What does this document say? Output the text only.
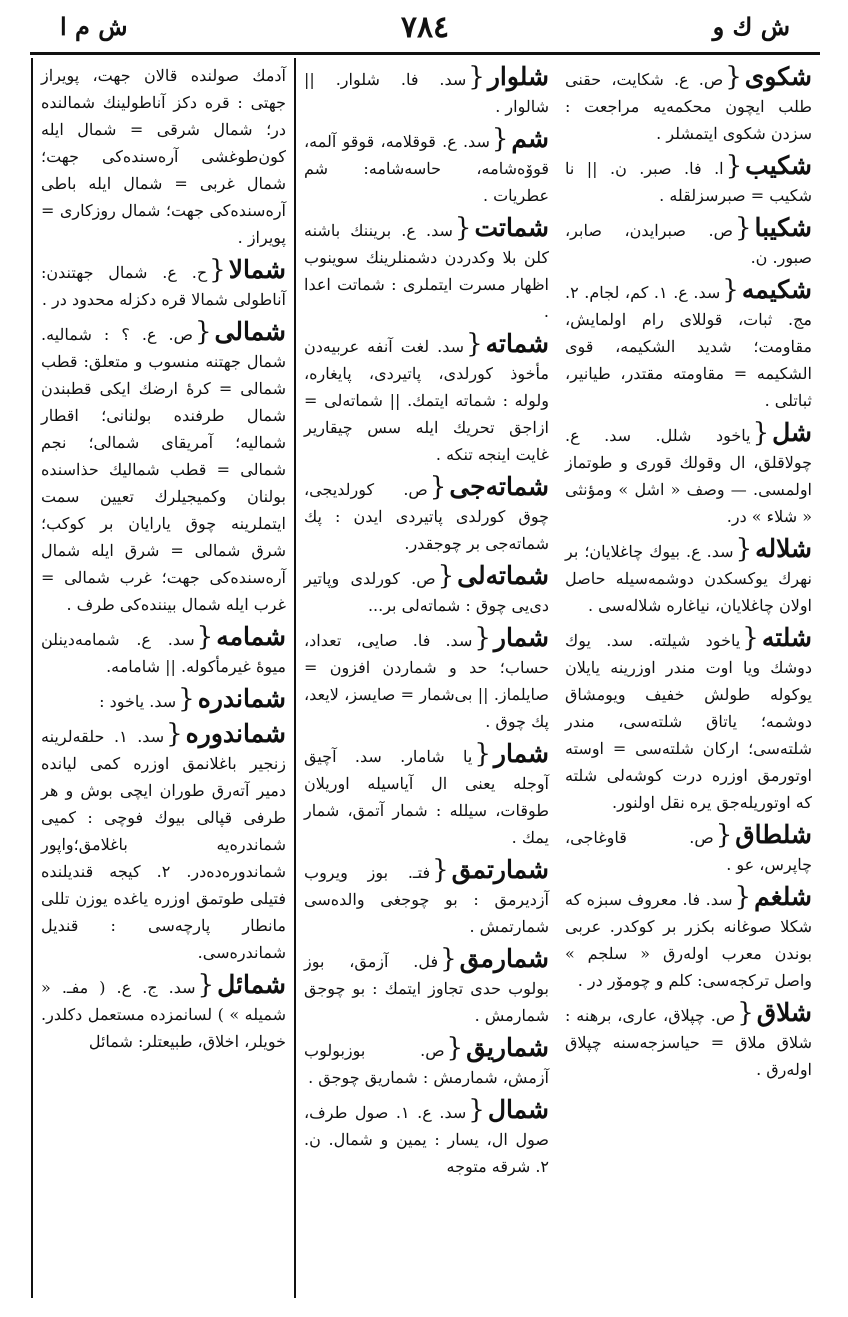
ش م ا	٧٨٤	ش ك و

شكوى{ص. ع. شكايت، حقنى طلب ايچون محكمه‌يه مراجعت : سزدن شكوى ايتمشلر .

شكيب{ا. فا. صبر. ن. || نا شكيب = صبرسزلقله .

شكيبا{ص. صبرايدن، صابر، صبور. ن.

شكيمه{سد. ع. ١. كم، لجام. ٢. مج. ثبات، قوللاى رام اولمايش، مقاومت؛ شديد الشكيمه، قوى الشكيمه = مقاومته مقتدر، طيانير، ثباتلى .

شل{ياخود شلل. سد. ع. چولاقلق، ال وقولك قورى و طوتماز اولمسى. — وصف « اشل » ومؤنثى « شلاء » در.

شلاله{سد. ع. بيوك چاغلايان؛ بر نهرك يوكسكدن دوشمه‌سيله حاصل اولان چاغلايان، نياغاره شلاله‌سى .

شلته{ياخود شيلته. سد. يوك دوشك ويا اوت مندر اوزرينه يايلان يوكوله طولش خفيف ويومشاق دوشمه؛ ياتاق شلته‌سى، مندر شلته‌سى؛ اركان شلته‌سى = اوسته اوتورمق اوزره درت كوشه‌لى شلته كه اوتوريله‌جق يره نقل اولنور.

شلطاق{ص. قاوغاجى، چاپرس، عو .

شلغم{سد. فا. معروف سبزه كه شكلا صوغانه بكزر بر كوكدر. عربى بوندن معرب اولەرق « سلجم » واصل تركجه‌سى: كلم و چومۆر در .

شلاق{ص. چپلاق، عارى، برهنه : شلاق ملاق = حياسزجه‌سنه چپلاق اولەرق .

شلوار{سد. فا. شلوار. || شالوار .

شم{سد. ع. قوقلامه، قوقو آلمه، قوۆەشامه، حاسه‌شامه: شم عطريات .

شماتت{سد. ع. بريننك باشنه كلن بلا وكدردن دشمنلرينك سوينوب اظهار مسرت ايتملرى : شماتت اعدا .

شماته{سد. لغت آنفه عربيه‌دن مأخوذ كورلدى، پاتيردى، پايغاره، ولوله : شماته ايتمك. || شماته‌لى = ازاجق تحريك ايله سس چيقارير غايت اينجه تنكه .

شماته‌جى{ص. كورلديجى، چوق كورلدى پاتيردى ايدن : پك شماته‌جى بر چوجقدر.

شماته‌لى{ص. كورلدى وپاتير دى‌يى چوق : شماته‌لى بر...

شمار{سد. فا. صايى، تعداد، حساب؛ حد و شماردن افزون = صايلماز. || بى‌شمار = صايسز، لايعد، پك چوق .

شمار{يا شامار. سد. آچيق آوجله يعنى ال آياسيله اوريلان طوقات، سيلله : شمار آتمق، شمار يمك .

شمارتمق{فتـ. بوز ويروب آزديرمق : بو چوجغى والده‌سى شمارتمش .

شمارمق{فل. آزمق، بوز بولوب حدى تجاوز ايتمك : بو چوجق شمارمش .

شماريق{ص. بوزبولوب آزمش، شمارمش : شماريق چوجق .

شمال{سد. ع. ١. صول طرف، صول ال، يسار : يمين و شمال. ن. ٢. شرقه متوجه

آدمك صولنده قالان جهت، پويراز جهتى : قره دكز آناطولينك شمالنده در؛ شمال شرقى = شمال ايله كون‌طوغشى آره‌سنده‌كى جهت؛ شمال غربى = شمال ايله باطى آره‌سنده‌كى جهت؛ شمال روزكارى = پويراز .

شمالا{ح. ع. شمال جهتندن: آناطولى شمالا قره دكزله محدود در .

شمالى{ص. ع. ؟ : شماليه. شمال جهتنه منسوب و متعلق: قطب شمالى = كرۀ ارضك ايكى قطبندن شمال طرفنده بولنانى؛ اقطار شماليه؛ آمريقاى شمالى؛ نجم شمالى = قطب شماليك حذاسنده بولنان وكميجيلرك تعيين سمت ايتملرينه چوق يارايان بر كوكب؛ شرق شمالى = شرق ايله شمال آره‌سنده‌كى جهت؛ غرب شمالى = غرب ايله شمال بيننده‌كى طرف .

شمامه{سد. ع. شمامه‌دينلن ميوۀ غيرمأكوله. || شامامه.

شماندره{سد. ياخود :

شماندوره{سد. ١. حلقه‌لرينه زنجير باغلانمق اوزره كمى ليانده دمير آتەرق طوران ايچى بوش و هر طرفى قپالى بيوك فوچى : كميى شماندره‌يه باغلامق؛واپور شماندوره‌ده‌در. ٢. كيجه قنديلنده فتيلى طوتمق اوزره ياغده يوزن تللى مانطار پارچه‌سى : قنديل شماندره‌سى.

شمائل{سد. ج. ع. ( مفـ. « شميله » ) لسانمزده مستعمل دكلدر. خويلر، اخلاق، طبيعتلر: شمائل
